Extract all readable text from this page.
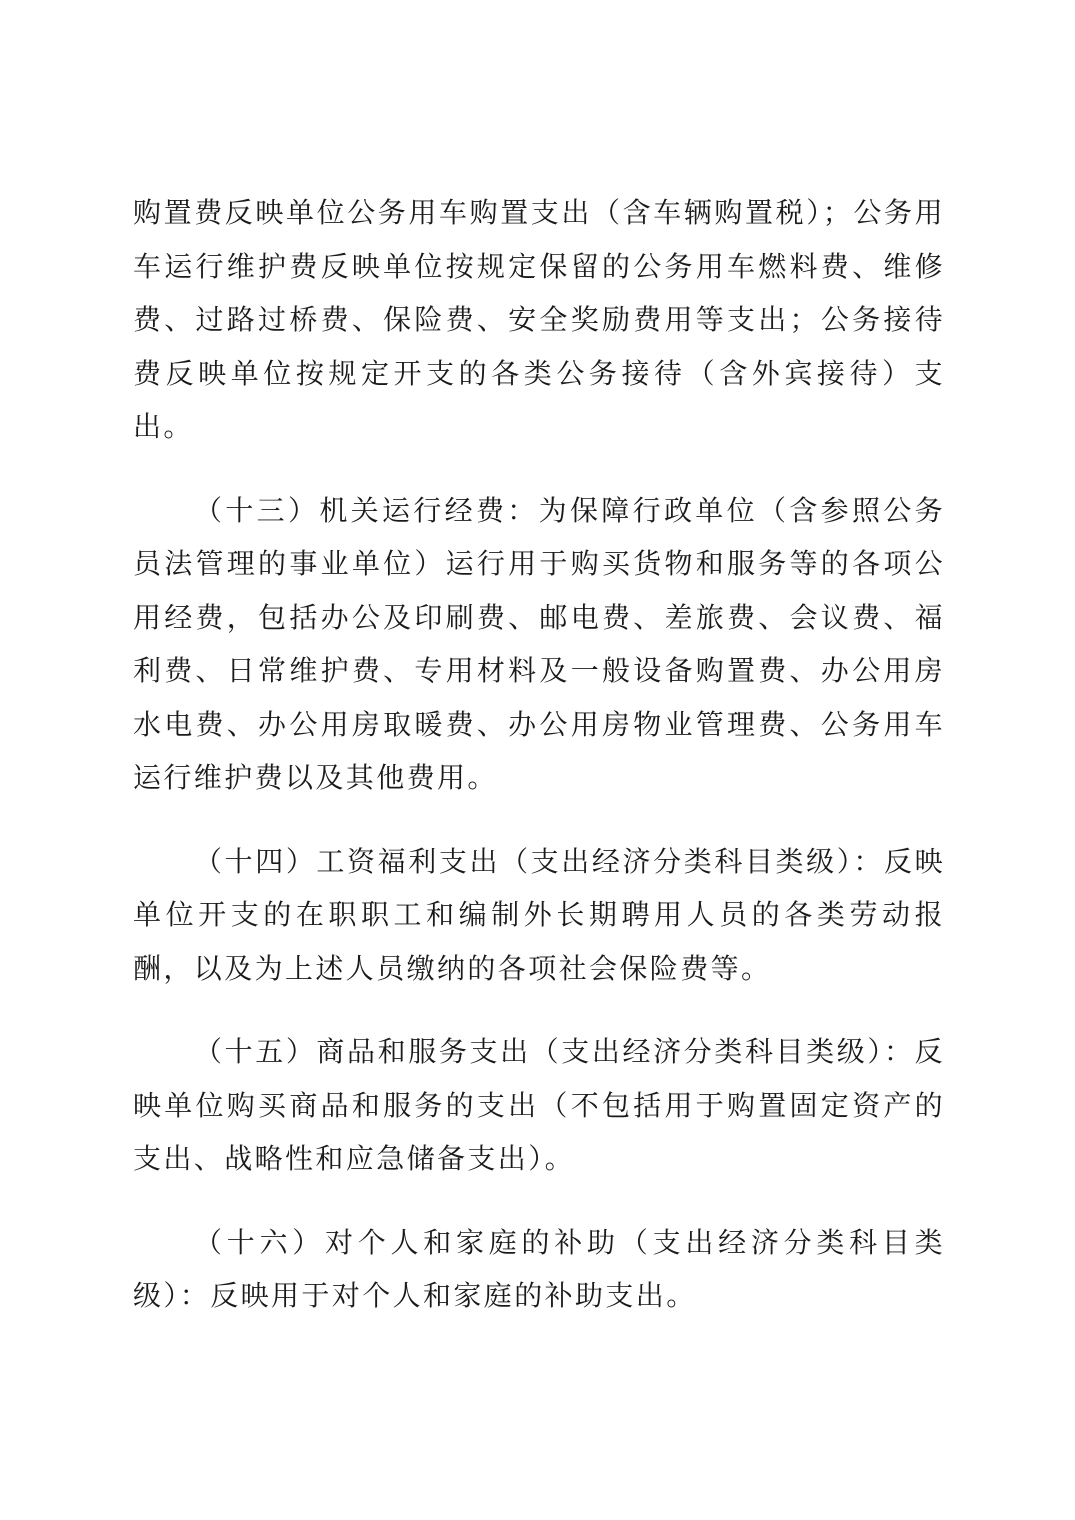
购置费反映单位公务用车购置支出（含车辆购置税）；公务用车运行维护费反映单位按规定保留的公务用车燃料费、维修费、过路过桥费、保险费、安全奖励费用等支出；公务接待费反映单位按规定开支的各类公务接待（含外宾接待）支出。

（十三）机关运行经费：为保障行政单位（含参照公务员法管理的事业单位）运行用于购买货物和服务等的各项公用经费，包括办公及印刷费、邮电费、差旅费、会议费、福利费、日常维护费、专用材料及一般设备购置费、办公用房水电费、办公用房取暖费、办公用房物业管理费、公务用车运行维护费以及其他费用。

（十四）工资福利支出（支出经济分类科目类级）：反映单位开支的在职职工和编制外长期聘用人员的各类劳动报酬，以及为上述人员缴纳的各项社会保险费等。

（十五）商品和服务支出（支出经济分类科目类级）：反映单位购买商品和服务的支出（不包括用于购置固定资产的支出、战略性和应急储备支出）。

（十六）对个人和家庭的补助（支出经济分类科目类级）：反映用于对个人和家庭的补助支出。
